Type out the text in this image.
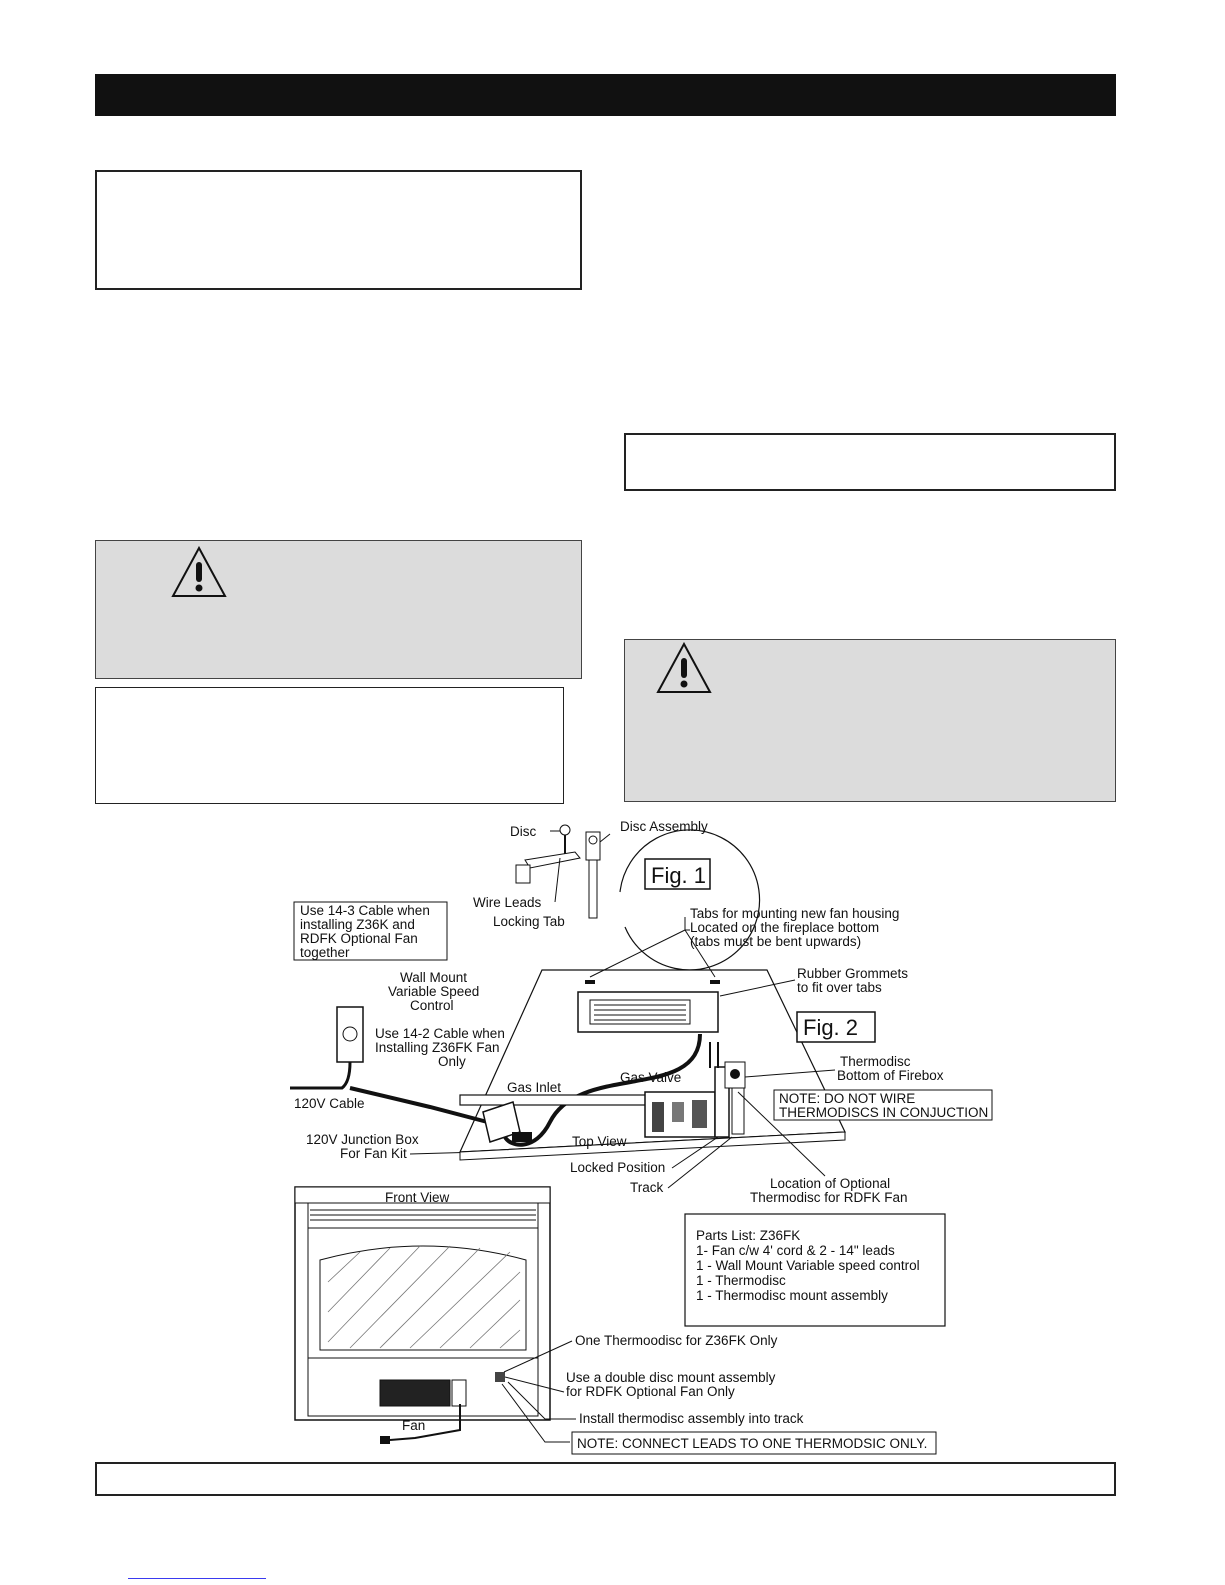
Disc	Disc Assembly
Wire Leads
Locking Tab
Fig. 1
Use 14-3 Cable when
installing Z36K and
RDFK Optional Fan
together
Wall Mount
Variable Speed
Control
Use 14-2 Cable when
Installing Z36FK Fan
Only
120V Cable
120V Junction Box
For Fan Kit
Tabs for mounting new fan housing
Located on the fireplace bottom
(tabs must be bent upwards)
Rubber Grommets
to fit over tabs
Fig. 2
Gas Inlet
Gas Valve
Thermodisc
Bottom of Firebox
NOTE: DO NOT WIRE
THERMODISCS IN CONJUCTION
Top View
Locked Position
Track	Location of Optional
Thermodisc for RDFK Fan
Front View
Fan
One Thermoodisc for Z36FK Only
Use a double disc mount assembly
for RDFK Optional Fan Only
Install thermodisc assembly into track
NOTE: CONNECT LEADS TO ONE THERMODSIC ONLY.
Parts List: Z36FK
1- Fan c/w 4' cord & 2 - 14" leads
1 - Wall Mount Variable speed control
1 - Thermodisc
1 - Thermodisc mount assembly
